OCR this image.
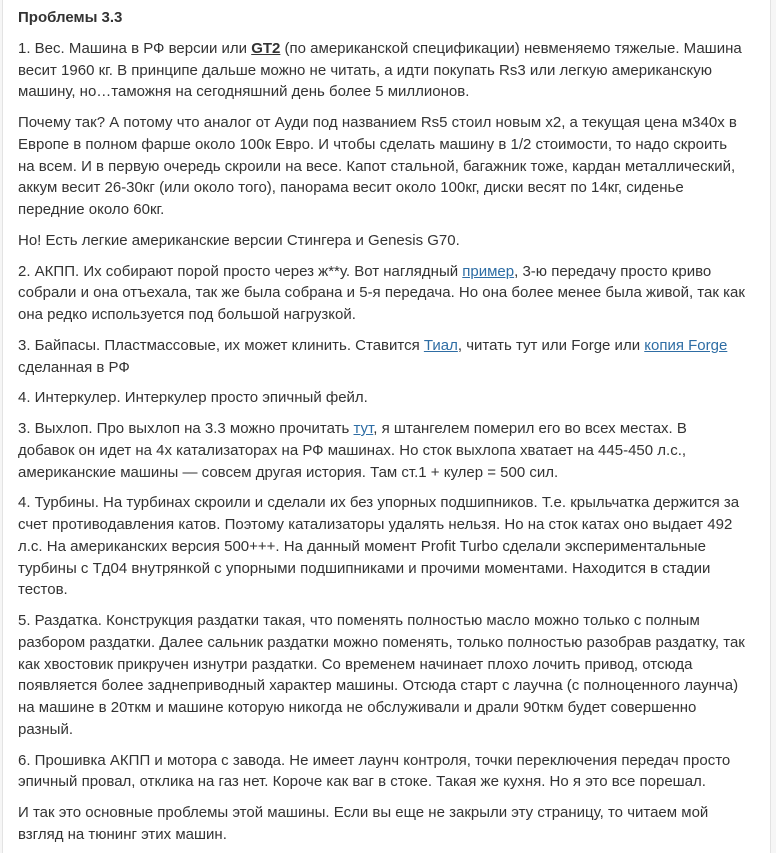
Проблемы 3.3

1. Вес. Машина в РФ версии или GT2 (по американской спецификации) невменяемо тяжелые. Машина весит 1960 кг. В принципе дальше можно не читать, а идти покупать Rs3 или легкую американскую машину, но…таможня на сегодняшний день более 5 миллионов.

Почему так? А потому что аналог от Ауди под названием Rs5 стоил новым х2, а текущая цена м340х в Европе в полном фарше около 100к Евро. И чтобы сделать машину в 1/2 стоимости, то надо скроить на всем. И в первую очередь скроили на весе. Капот стальной, багажник тоже, кардан металлический, аккум весит 26-30кг (или около того), панорама весит около 100кг, диски весят по 14кг, сиденье передние около 60кг.

Но! Есть легкие американские версии Стингера и Genesis G70.

2. АКПП. Их собирают порой просто через ж**у. Вот наглядный пример, 3-ю передачу просто криво собрали и она отъехала, так же была собрана и 5-я передача. Но она более менее была живой, так как она редко используется под большой нагрузкой.

3. Байпасы. Пластмассовые, их может клинить. Ставится Тиал, читать тут или Forge или копия Forge сделанная в РФ

4. Интеркулер. Интеркулер просто эпичный фейл.

3. Выхлоп. Про выхлоп на 3.3 можно прочитать тут, я штангелем померил его во всех местах. В добавок он идет на 4х катализаторах на РФ машинах. Но сток выхлопа хватает на 445-450 л.с., американские машины — совсем другая история. Там ст.1 + кулер = 500 сил.

4. Турбины. На турбинах скроили и сделали их без упорных подшипников. Т.е. крыльчатка держится за счет противодавления катов. Поэтому катализаторы удалять нельзя. Но на сток катах оно выдает 492 л.с. На американских версия 500+++. На данный момент Profit Turbo сделали экспериментальные турбины с Тд04 внутрянкой с упорными подшипниками и прочими моментами. Находится в стадии тестов.

5. Раздатка. Конструкция раздатки такая, что поменять полностью масло можно только с полным разбором раздатки. Далее сальник раздатки можно поменять, только полностью разобрав раздатку, так как хвостовик прикручен изнутри раздатки. Со временем начинает плохо лочить привод, отсюда появляется более заднеприводный характер машины. Отсюда старт с лаучна (с полноценного лаунча) на машине в 20ткм и машине которую никогда не обслуживали и драли 90ткм будет совершенно разный.

6. Прошивка АКПП и мотора с завода. Не имеет лаунч контроля, точки переключения передач просто эпичный провал, отклика на газ нет. Короче как ваг в стоке. Такая же кухня. Но я это все порешал.

И так это основные проблемы этой машины. Если вы еще не закрыли эту страницу, то читаем мой взгляд на тюнинг этих машин.
